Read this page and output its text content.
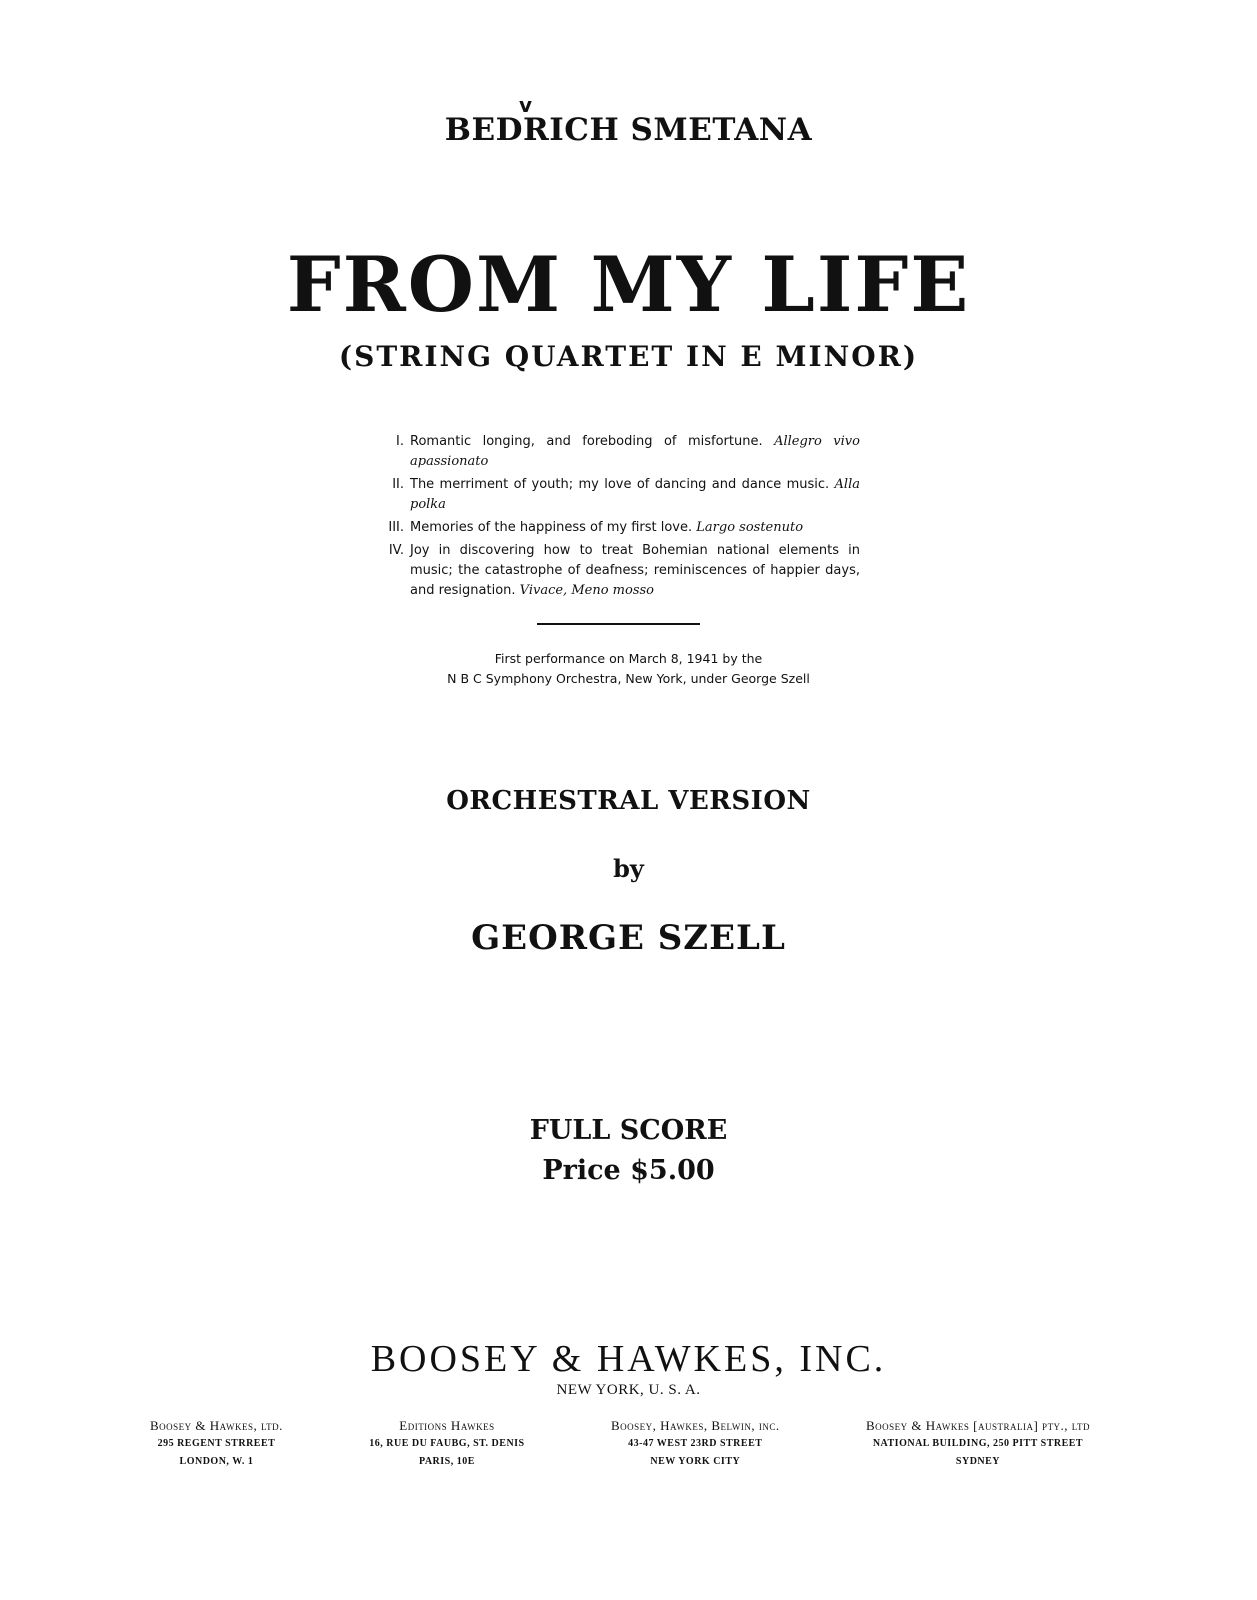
v
BEDRICH SMETANA
FROM MY LIFE
(STRING QUARTET IN E MINOR)
I. Romantic longing, and foreboding of misfortune. Allegro vivo apassionato
II. The merriment of youth; my love of dancing and dance music. Alla polka
III. Memories of the happiness of my first love. Largo sostenuto
IV. Joy in discovering how to treat Bohemian national elements in music; the catastrophe of deafness; reminiscences of happier days, and resignation. Vivace, Meno mosso
First performance on March 8, 1941 by the

N B C Symphony Orchestra, New York, under George Szell
ORCHESTRAL VERSION
by
GEORGE SZELL
FULL SCORE
Price $5.00
BOOSEY & HAWKES, INC.
NEW YORK, U. S. A.
Boosey & Hawkes, ltd.
295 REGENT STRREET
LONDON, W. 1
Editions Hawkes
16, RUE DU FAUBG, ST. DENIS
PARIS, 10E
Boosey, Hawkes, Belwin, inc.
43-47 WEST 23RD STREET
NEW YORK CITY
Boosey & Hawkes [australia] pty., ltd
NATIONAL BUILDING, 250 PITT STREET
SYDNEY
